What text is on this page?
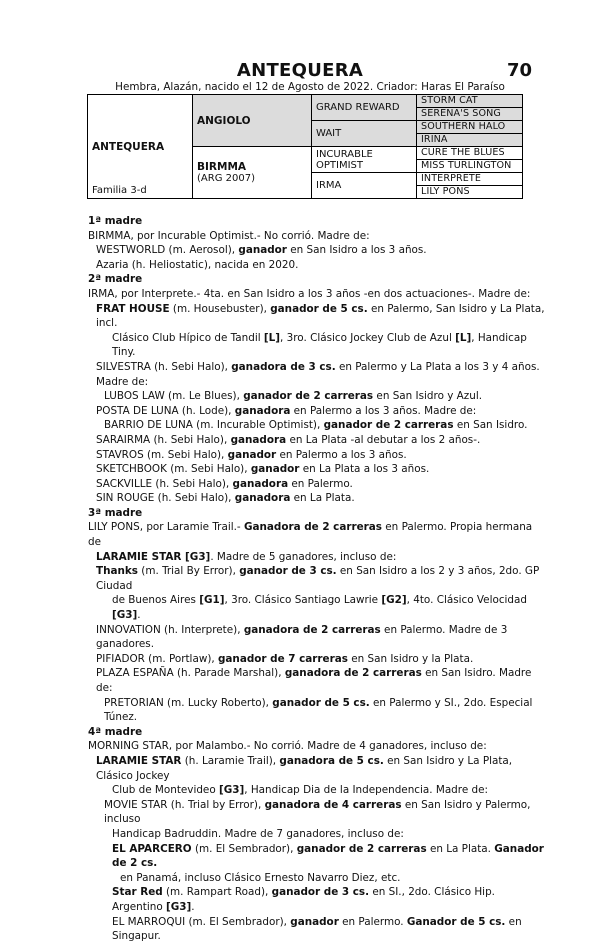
ANTEQUERA	70
Hembra, Alazán, nacido el 12 de Agosto de 2022. Criador: Haras El Paraíso
ANTEQUERA
Familia 3-d	ANGIOLO	GRAND REWARD	STORM CAT
			SERENA'S SONG
		WAIT	SOUTHERN HALO
			IRINA

	BIRMMA
(ARG 2007)	INCURABLE OPTIMIST	CURE THE BLUES
			MISS TURLINGTON
		IRMA	INTERPRETE
			LILY PONS
1ª madre
BIRMMA, por Incurable Optimist.- No corrió. Madre de:
WESTWORLD (m. Aerosol), ganador en San Isidro a los 3 años.
Azaria (h. Heliostatic), nacida en 2020.
2ª madre
IRMA, por Interprete.- 4ta. en San Isidro a los 3 años -en dos actuaciones-. Madre de:
FRAT HOUSE (m. Housebuster), ganador de 5 cs. en Palermo, San Isidro y La Plata, incl.
Clásico Club Hípico de Tandil [L], 3ro. Clásico Jockey Club de Azul [L], Handicap Tiny.
SILVESTRA (h. Sebi Halo), ganadora de 3 cs. en Palermo y La Plata a los 3 y 4 años. Madre de:
LUBOS LAW (m. Le Blues), ganador de 2 carreras en San Isidro y Azul.
POSTA DE LUNA (h. Lode), ganadora en Palermo a los 3 años. Madre de:
BARRIO DE LUNA (m. Incurable Optimist), ganador de 2 carreras en San Isidro.
SARAIRMA (h. Sebi Halo), ganadora en La Plata -al debutar a los 2 años-.
STAVROS (m. Sebi Halo), ganador en Palermo a los 3 años.
SKETCHBOOK (m. Sebi Halo), ganador en La Plata a los 3 años.
SACKVILLE (h. Sebi Halo), ganadora en Palermo.
SIN ROUGE (h. Sebi Halo), ganadora en La Plata.
3ª madre
LILY PONS, por Laramie Trail.- Ganadora de 2 carreras en Palermo. Propia hermana de
LARAMIE STAR [G3]. Madre de 5 ganadores, incluso de:
Thanks (m. Trial By Error), ganador de 3 cs. en San Isidro a los 2 y 3 años, 2do. GP Ciudad
de Buenos Aires [G1], 3ro. Clásico Santiago Lawrie [G2], 4to. Clásico Velocidad [G3].
INNOVATION (h. Interprete), ganadora de 2 carreras en Palermo. Madre de 3 ganadores.
PIFIADOR (m. Portlaw), ganador de 7 carreras en San Isidro y la Plata.
PLAZA ESPAÑA (h. Parade Marshal), ganadora de 2 carreras en San Isidro. Madre de:
PRETORIAN (m. Lucky Roberto), ganador de 5 cs. en Palermo y SI., 2do. Especial Túnez.
4ª madre
MORNING STAR, por Malambo.- No corrió. Madre de 4 ganadores, incluso de:
LARAMIE STAR (h. Laramie Trail), ganadora de 5 cs. en San Isidro y La Plata, Clásico Jockey
Club de Montevideo [G3], Handicap Dia de la Independencia. Madre de:
MOVIE STAR (h. Trial by Error), ganadora de 4 carreras en San Isidro y Palermo, incluso
Handicap Badruddin. Madre de 7 ganadores, incluso de:
EL APARCERO (m. El Sembrador), ganador de 2 carreras en La Plata. Ganador de 2 cs.
en Panamá, incluso Clásico Ernesto Navarro Diez, etc.
Star Red (m. Rampart Road), ganador de 3 cs. en SI., 2do. Clásico Hip. Argentino [G3].
EL MARROQUI (m. El Sembrador), ganador en Palermo. Ganador de 5 cs. en Singapur.
